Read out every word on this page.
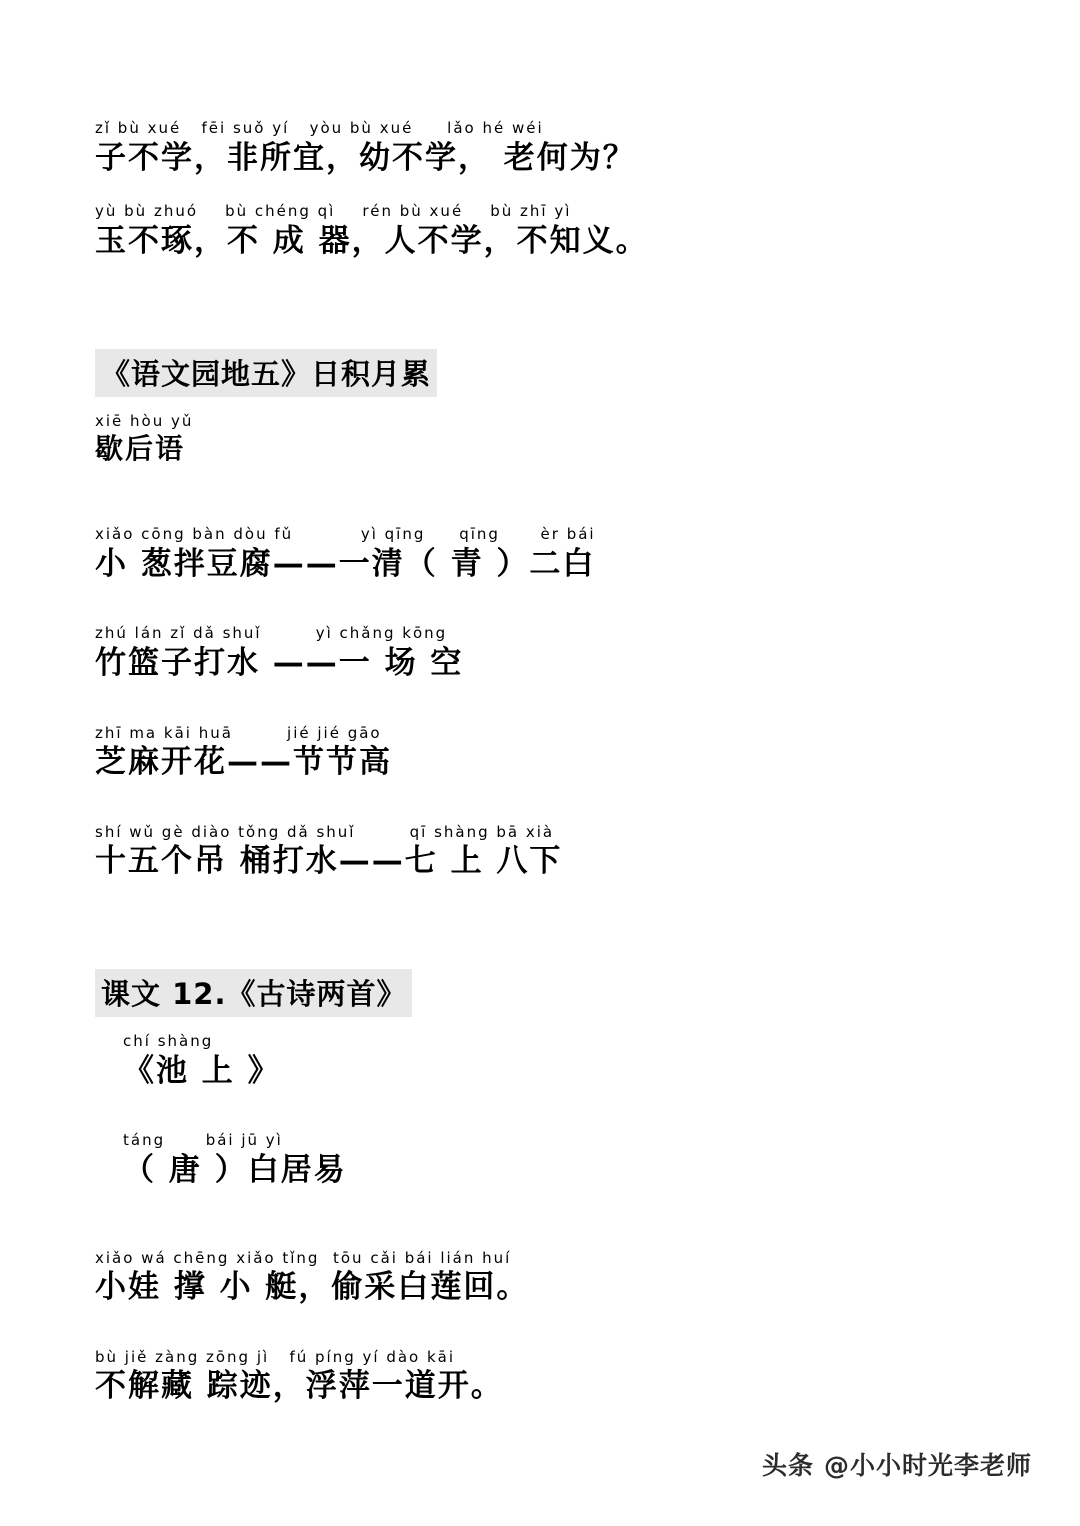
zǐ bù xué   fēi suǒ yí   yòu bù xué     lǎo hé wéi
子不学，非所宜，幼不学， 老何为？
yù bù zhuó    bù chéng qì    rén bù xué    bù zhī yì
玉不琢，不 成 器，人不学，不知义。
《语文园地五》日积月累
xiē hòu yǔ
歇后语
xiǎo cōng bàn dòu fǔ          yì qīng     qīng      èr bái
小 葱拌豆腐——一清（ 青 ）二白
zhú lán zǐ dǎ shuǐ        yì chǎng kōng
竹篮子打水 ——一 场 空
zhī ma kāi huā        jié jié gāo
芝麻开花——节节高
shí wǔ gè diào tǒng dǎ shuǐ        qī shàng bā xià
十五个吊 桶打水——七 上 八下
课文 12.《古诗两首》
chí shàng
《池 上 》
táng      bái jū yì
（ 唐 ）白居易
xiǎo wá chēng xiǎo tǐng  tōu cǎi bái lián huí
小娃 撑 小 艇，偷采白莲回。
bù jiě zàng zōng jì   fú píng yí dào kāi
不解藏 踪迹，浮萍一道开。
头条 @小小时光李老师
